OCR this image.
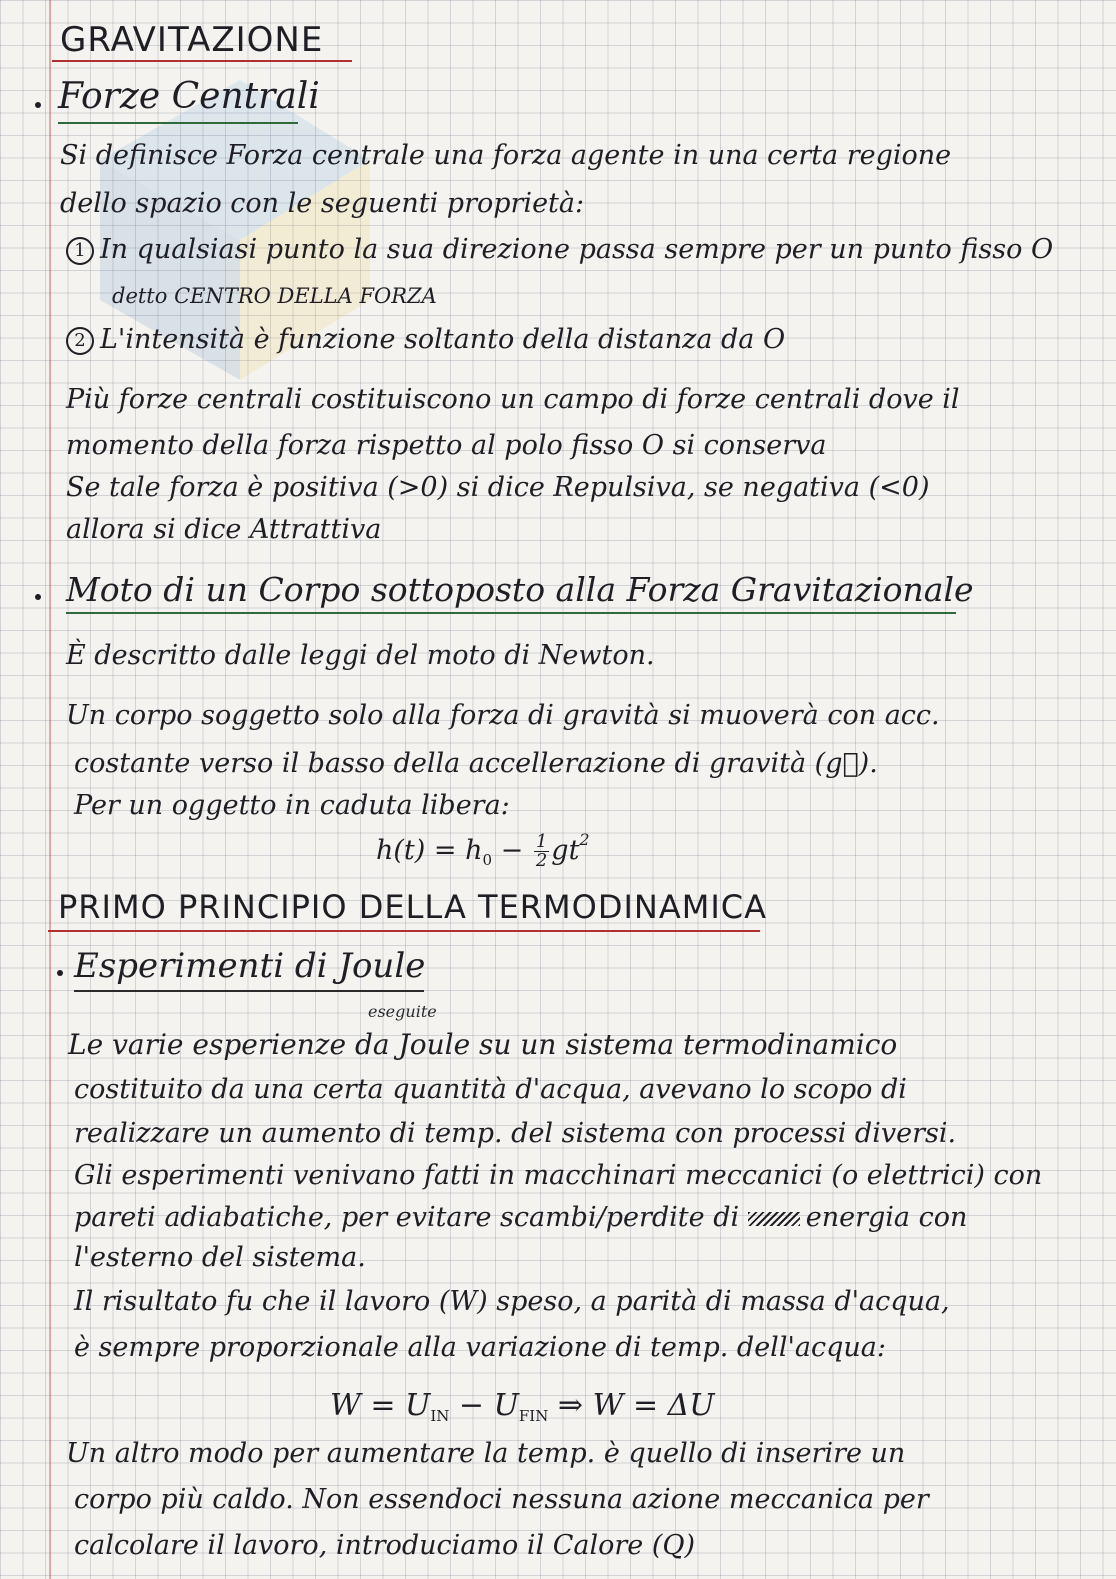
GRAVITAZIONE
Forze Centrali
Si definisce Forza centrale una forza agente in una certa regione
dello spazio con le seguenti proprietà:
1 In qualsiasi punto la sua direzione passa sempre per un punto fisso O
detto CENTRO DELLA FORZA
2 L'intensità è funzione soltanto della distanza da O
Più forze centrali costituiscono un campo di forze centrali dove il
momento della forza rispetto al polo fisso O si conserva
Se tale forza è positiva (>0) si dice Repulsiva, se negativa (<0)
allora si dice Attrattiva
Moto di un Corpo sottoposto alla Forza Gravitazionale
È descritto dalle leggi del moto di Newton.
Un corpo soggetto solo alla forza di gravità si muoverà con acc.
costante verso il basso della accellerazione di gravità (g⃗).
Per un oggetto in caduta libera:
$h(t) = h_0 - \frac{1}{2} gt^2$
PRIMO PRINCIPIO DELLA TERMODINAMICA
Esperimenti di Joule
eseguite
Le varie esperienze da Joule su un sistema termodinamico
costituito da una certa quantità d'acqua, avevano lo scopo di
realizzare un aumento di temp. del sistema con processi diversi.
Gli esperimenti venivano fatti in macchinari meccanici (o elettrici) con
pareti adiabatiche, per evitare scambi/perdite di energia con
l'esterno del sistema.
Il risultato fu che il lavoro (W) speso, a parità di massa d'acqua,
è sempre proporzionale alla variazione di temp. dell'acqua:
$W = U_{IN} - U_{FIN}$ ⇒ W = ΔU
Un altro modo per aumentare la temp. è quello di inserire un
corpo più caldo. Non essendoci nessuna azione meccanica per
calcolare il lavoro, introduciamo il Calore (Q)
